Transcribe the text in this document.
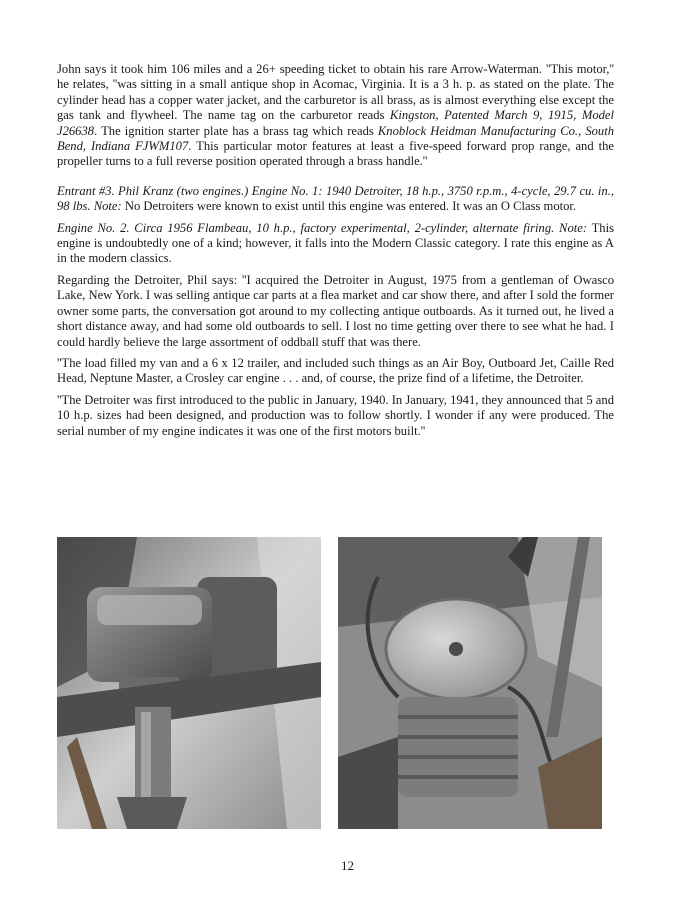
John says it took him 106 miles and a 26+ speeding ticket to obtain his rare Arrow-Waterman. ''This motor,'' he relates, ''was sitting in a small antique shop in Acomac, Virginia. It is a 3 h. p. as stated on the plate. The cylinder head has a copper water jacket, and the carburetor is all brass, as is almost everything else except the gas tank and flywheel. The name tag on the carburetor reads Kingston, Patented March 9, 1915, Model J26638. The ignition starter plate has a brass tag which reads Knoblock Heidman Manufacturing Co., South Bend, Indiana FJWM107. This particular motor features at least a five-speed forward prop range, and the propeller turns to a full reverse position operated through a brass handle.''

Entrant #3. Phil Kranz (two engines.) Engine No. 1: 1940 Detroiter, 18 h.p., 3750 r.p.m., 4-cycle, 29.7 cu. in., 98 lbs. Note: No Detroiters were known to exist until this engine was entered. It was an O Class motor.

Engine No. 2. Circa 1956 Flambeau, 10 h.p., factory experimental, 2-cylinder, alternate firing. Note: This engine is undoubtedly one of a kind; however, it falls into the Modern Classic category. I rate this engine as A in the modern classics.

Regarding the Detroiter, Phil says: ''I acquired the Detroiter in August, 1975 from a gentleman of Owasco Lake, New York. I was selling antique car parts at a flea market and car show there, and after I sold the former owner some parts, the conversation got around to my collecting antique outboards. As it turned out, he lived a short distance away, and had some old outboards to sell. I lost no time getting over there to see what he had. I could hardly believe the large assortment of oddball stuff that was there.

''The load filled my van and a 6 x 12 trailer, and included such things as an Air Boy, Outboard Jet, Caille Red Head, Neptune Master, a Crosley car engine . . . and, of course, the prize find of a lifetime, the Detroiter.

''The Detroiter was first introduced to the public in January, 1940. In January, 1941, they announced that 5 and 10 h.p. sizes had been designed, and production was to follow shortly. I wonder if any were produced. The serial number of my engine indicates it was one of the first motors built.''

12
